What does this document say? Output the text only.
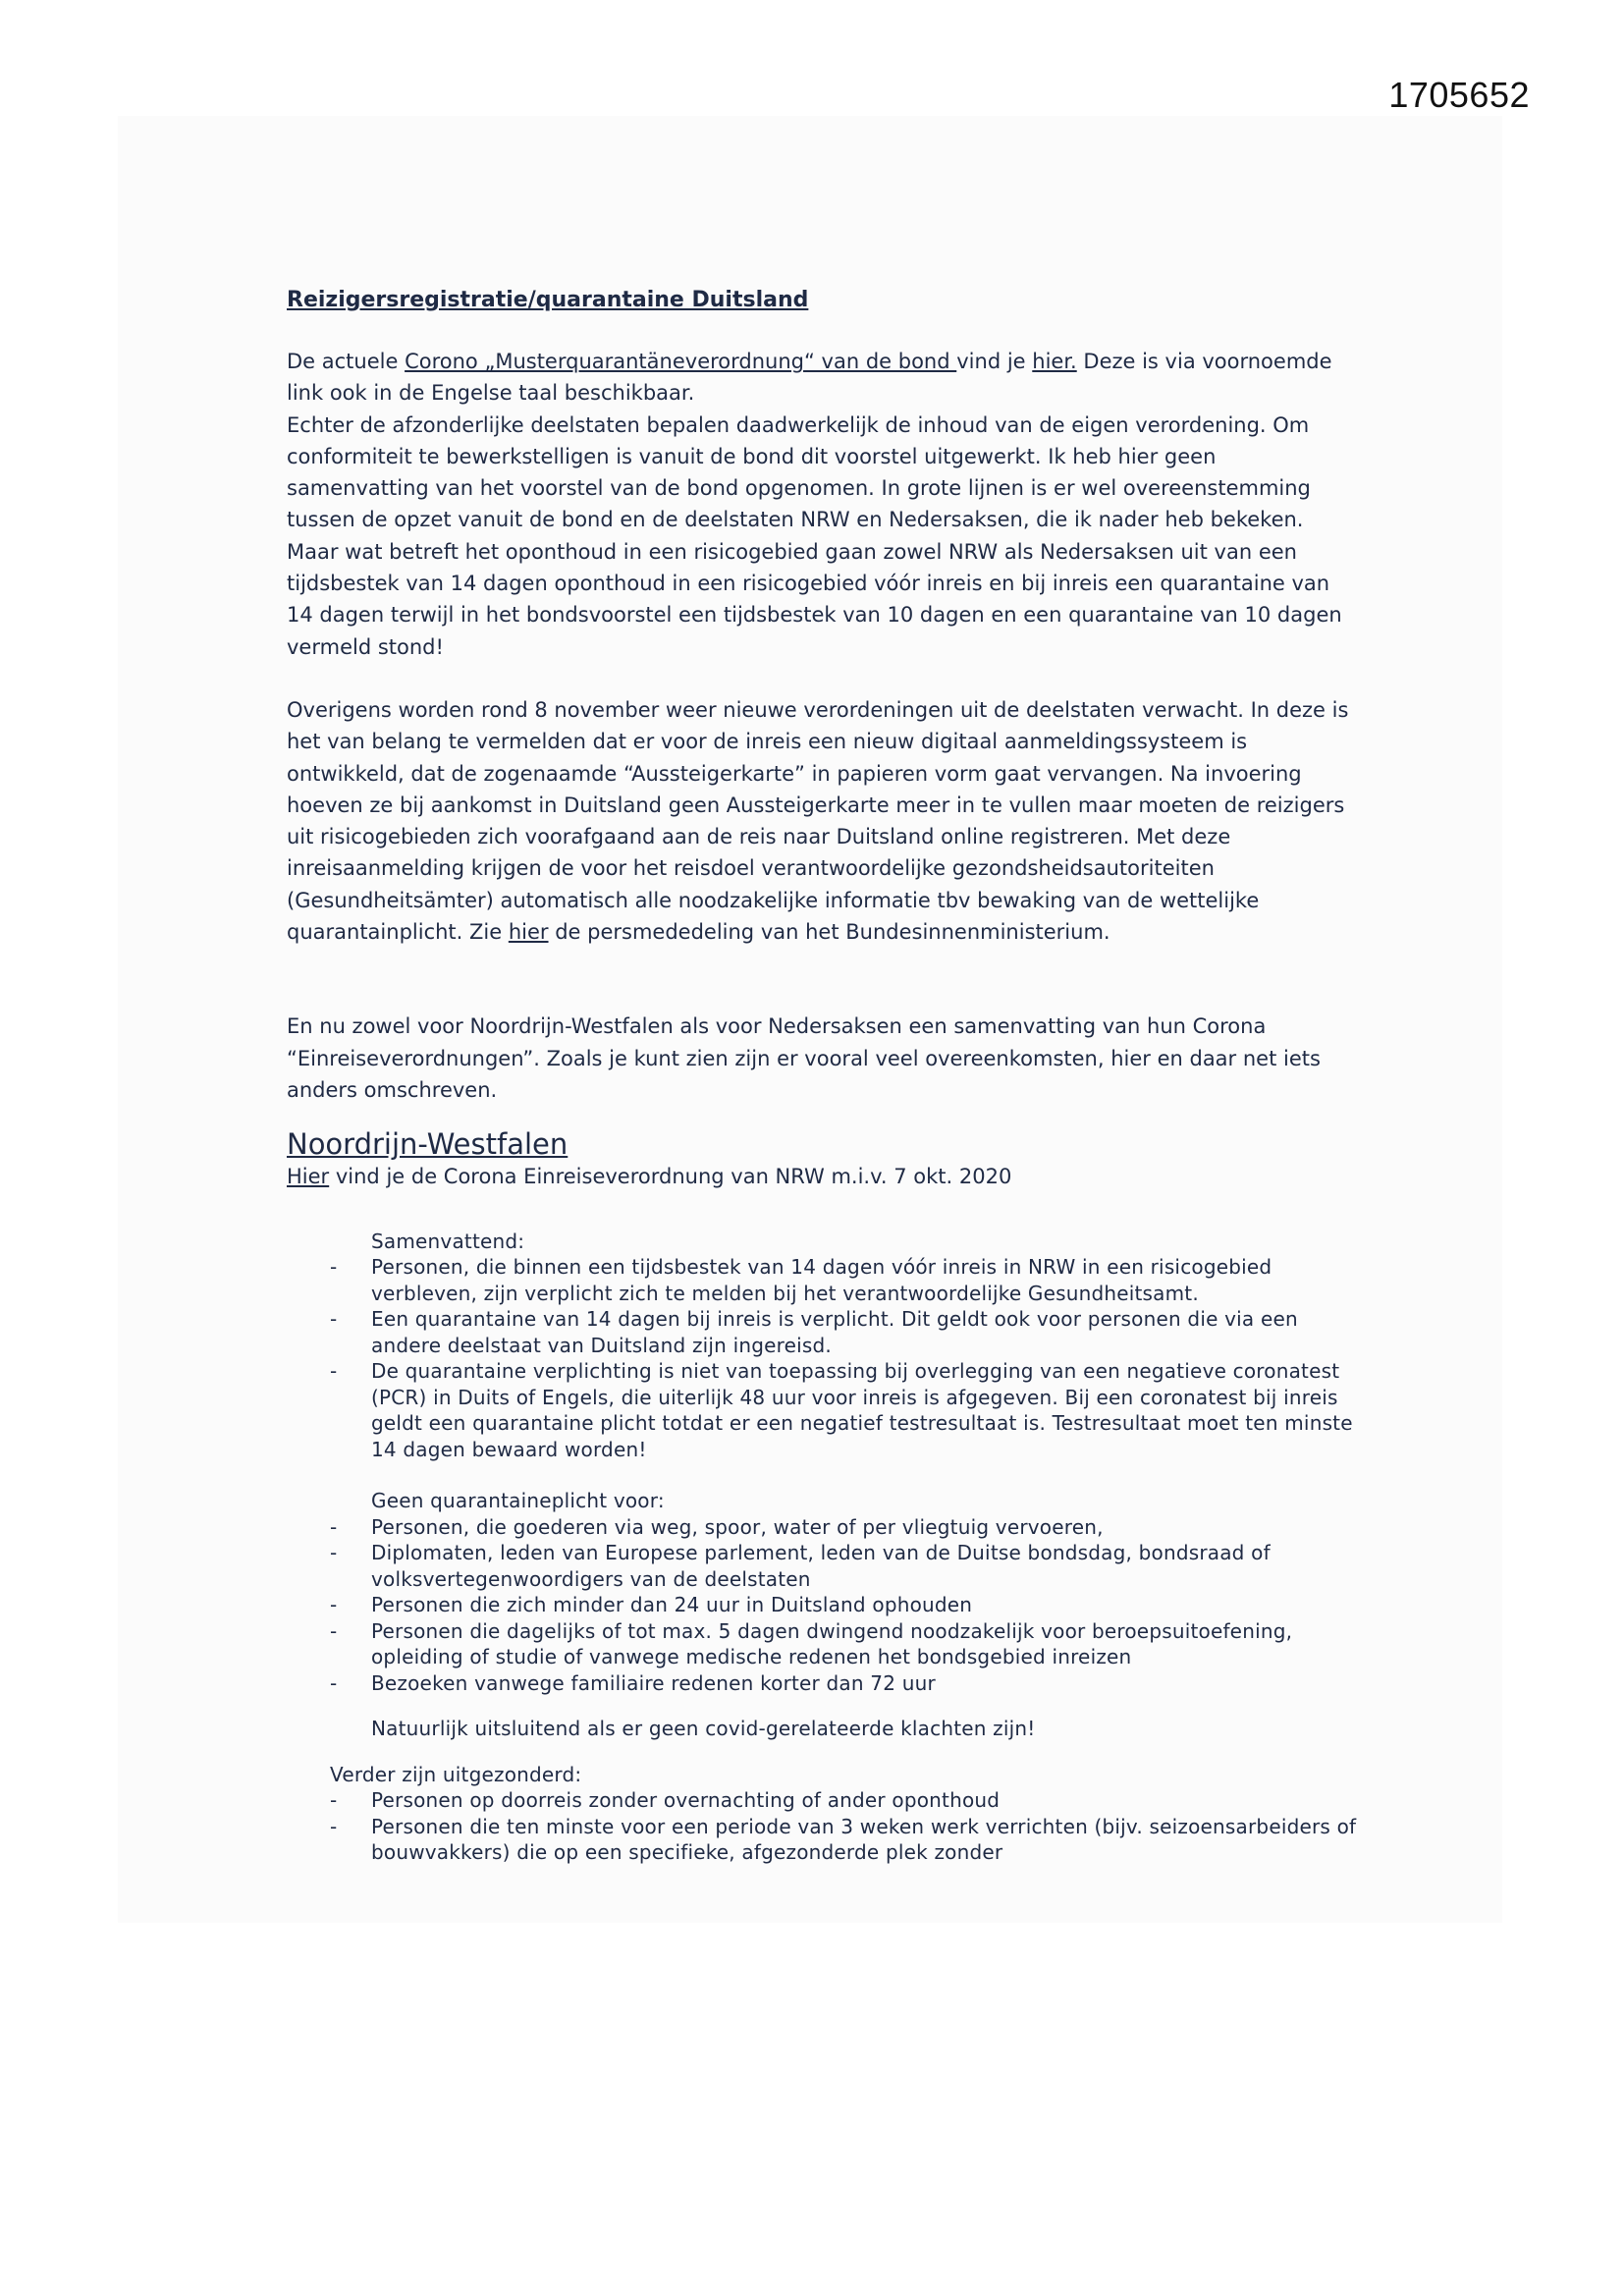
1705652
Reizigersregistratie/quarantaine Duitsland

De actuele Corono „Musterquarantäneverordnung“ van de bond vind je hier. Deze is via voornoemde link ook in de Engelse taal beschikbaar.

Echter de afzonderlijke deelstaten bepalen daadwerkelijk de inhoud van de eigen verordening. Om conformiteit te bewerkstelligen is vanuit de bond dit voorstel uitgewerkt. Ik heb hier geen samenvatting van het voorstel van de bond opgenomen. In grote lijnen is er wel overeenstemming tussen de opzet vanuit de bond en de deelstaten NRW en Nedersaksen, die ik nader heb bekeken. Maar wat betreft het oponthoud in een risicogebied gaan zowel NRW als Nedersaksen uit van een tijdsbestek van 14 dagen oponthoud in een risicogebied vóór inreis en bij inreis een quarantaine van 14 dagen terwijl in het bondsvoorstel een tijdsbestek van 10 dagen en een quarantaine van 10 dagen vermeld stond!

Overigens worden rond 8 november weer nieuwe verordeningen uit de deelstaten verwacht. In deze is het van belang te vermelden dat er voor de inreis een nieuw digitaal aanmeldingssysteem is ontwikkeld, dat de zogenaamde “Aussteigerkarte” in papieren vorm gaat vervangen. Na invoering hoeven ze bij aankomst in Duitsland geen Aussteigerkarte meer in te vullen maar moeten de reizigers uit risicogebieden zich voorafgaand aan de reis naar Duitsland online registreren. Met deze inreisaanmelding krijgen de voor het reisdoel verantwoordelijke gezondsheidsautoriteiten (Gesundheitsämter) automatisch alle noodzakelijke informatie tbv bewaking van de wettelijke quarantainplicht. Zie hier de persmededeling van het Bundesinnenministerium.

En nu zowel voor Noordrijn-Westfalen als voor Nedersaksen een samenvatting van hun Corona “Einreiseverordnungen”. Zoals je kunt zien zijn er vooral veel overeenkomsten, hier en daar net iets anders omschreven.

Noordrijn-Westfalen

Hier vind je de Corona Einreiseverordnung van NRW m.i.v. 7 okt. 2020

Samenvattend:

- Personen, die binnen een tijdsbestek van 14 dagen vóór inreis in NRW in een risicogebied verbleven, zijn verplicht zich te melden bij het verantwoordelijke Gesundheitsamt.
- Een quarantaine van 14 dagen bij inreis is verplicht. Dit geldt ook voor personen die via een andere deelstaat van Duitsland zijn ingereisd.
- De quarantaine verplichting is niet van toepassing bij overlegging van een negatieve coronatest (PCR) in Duits of Engels, die uiterlijk 48 uur voor inreis is afgegeven. Bij een coronatest bij inreis geldt een quarantaine plicht totdat er een negatief testresultaat is. Testresultaat moet ten minste 14 dagen bewaard worden!

Geen quarantaineplicht voor:

- Personen, die goederen via weg, spoor, water of per vliegtuig vervoeren,
- Diplomaten, leden van Europese parlement, leden van de Duitse bondsdag, bondsraad of volksvertegenwoordigers van de deelstaten
- Personen die zich minder dan 24 uur in Duitsland ophouden
- Personen die dagelijks of tot max. 5 dagen dwingend noodzakelijk voor beroepsuitoefening, opleiding of studie of vanwege medische redenen het bondsgebied inreizen
- Bezoeken vanwege familiaire redenen korter dan 72 uur

Natuurlijk uitsluitend als er geen covid-gerelateerde klachten zijn!

Verder zijn uitgezonderd:

- Personen op doorreis zonder overnachting of ander oponthoud
- Personen die ten minste voor een periode van 3 weken werk verrichten (bijv. seizoensarbeiders of bouwvakkers) die op een specifieke, afgezonderde plek zonder
